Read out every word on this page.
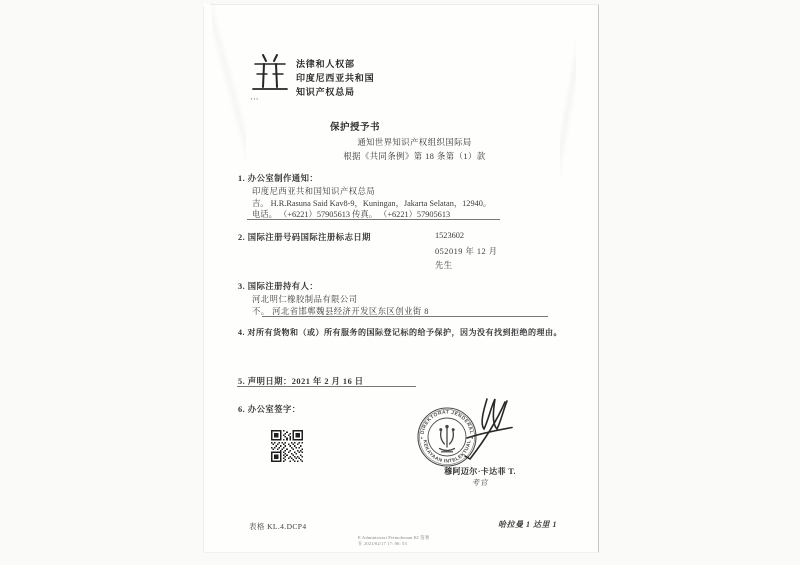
▪▪▪
法律和人权部
印度尼西亚共和国
知识产权总局
保护授予书
通知世界知识产权组织国际局
根据《共同条例》第 18 条第（1）款
1. 办公室制作通知：
印度尼西亚共和国知识产权总局
吉。 H.R.Rasuna Said Kav8-9，Kuningan，Jakarta Selatan，12940。
电话。 （+6221）57905613 传真。 （+6221）57905613
2. 国际注册号码国际注册标志日期	1523602
052019 年 12 月
先生
3. 国际注册持有人：
河北明仁橡胶制品有限公司
不。 河北省邯郸魏县经济开发区东区创业街 8
4. 对所有货物和（或）所有服务的国际登记标的给予保护，因为没有找到拒绝的理由。
5. 声明日期：2021 年 2 月 16 日
6. 办公室签字：
DIREKTORAT JENDERAL
KEKAYAAN INTELEKTUAL
穆阿迈尔·卡达菲 T.
考官
表格 KL.4.DCP4	哈拉曼 1 达里 1
E Administrasi Permohonan KI 签署
在 2021/02/17 17: 06: 53
